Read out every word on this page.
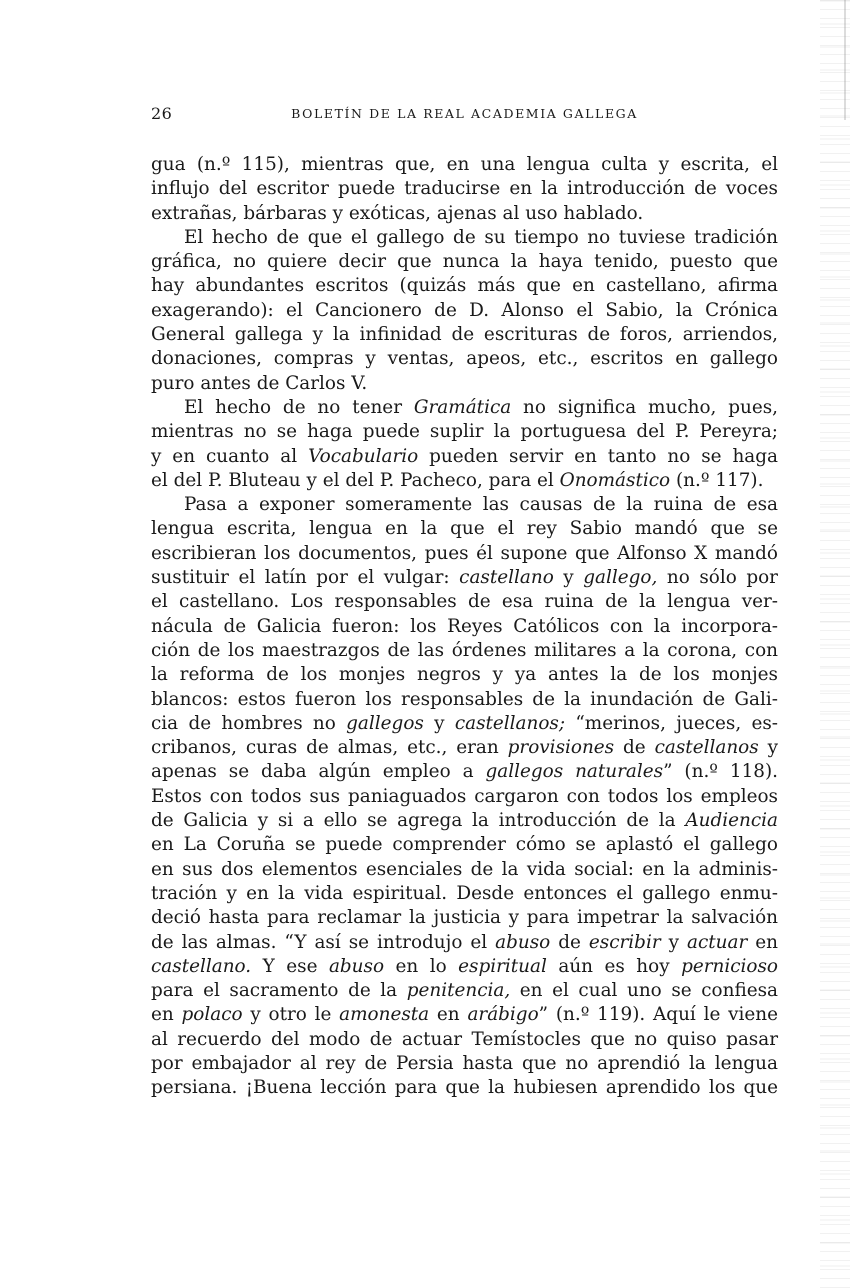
26	BOLETÍN DE LA REAL ACADEMIA GALLEGA
gua (n.º 115), mientras que, en una lengua culta y escrita, el
influjo del escritor puede traducirse en la introducción de voces
extrañas, bárbaras y exóticas, ajenas al uso hablado.
El hecho de que el gallego de su tiempo no tuviese tradición
gráfica, no quiere decir que nunca la haya tenido, puesto que
hay abundantes escritos (quizás más que en castellano, afirma
exagerando): el Cancionero de D. Alonso el Sabio, la Crónica
General gallega y la infinidad de escrituras de foros, arriendos,
donaciones, compras y ventas, apeos, etc., escritos en gallego
puro antes de Carlos V.
El hecho de no tener Gramática no significa mucho, pues,
mientras no se haga puede suplir la portuguesa del P. Pereyra;
y en cuanto al Vocabulario pueden servir en tanto no se haga
el del P. Bluteau y el del P. Pacheco, para el Onomástico (n.º 117).
Pasa a exponer someramente las causas de la ruina de esa
lengua escrita, lengua en la que el rey Sabio mandó que se
escribieran los documentos, pues él supone que Alfonso X mandó
sustituir el latín por el vulgar: castellano y gallego, no sólo por
el castellano. Los responsables de esa ruina de la lengua ver-
nácula de Galicia fueron: los Reyes Católicos con la incorpora-
ción de los maestrazgos de las órdenes militares a la corona, con
la reforma de los monjes negros y ya antes la de los monjes
blancos: estos fueron los responsables de la inundación de Gali-
cia de hombres no gallegos y castellanos; “merinos, jueces, es-
cribanos, curas de almas, etc., eran provisiones de castellanos y
apenas se daba algún empleo a gallegos naturales” (n.º 118).
Estos con todos sus paniaguados cargaron con todos los empleos
de Galicia y si a ello se agrega la introducción de la Audiencia
en La Coruña se puede comprender cómo se aplastó el gallego
en sus dos elementos esenciales de la vida social: en la adminis-
tración y en la vida espiritual. Desde entonces el gallego enmu-
deció hasta para reclamar la justicia y para impetrar la salvación
de las almas. “Y así se introdujo el abuso de escribir y actuar en
castellano. Y ese abuso en lo espiritual aún es hoy pernicioso
para el sacramento de la penitencia, en el cual uno se confiesa
en polaco y otro le amonesta en arábigo” (n.º 119). Aquí le viene
al recuerdo del modo de actuar Temístocles que no quiso pasar
por embajador al rey de Persia hasta que no aprendió la lengua
persiana. ¡Buena lección para que la hubiesen aprendido los que
